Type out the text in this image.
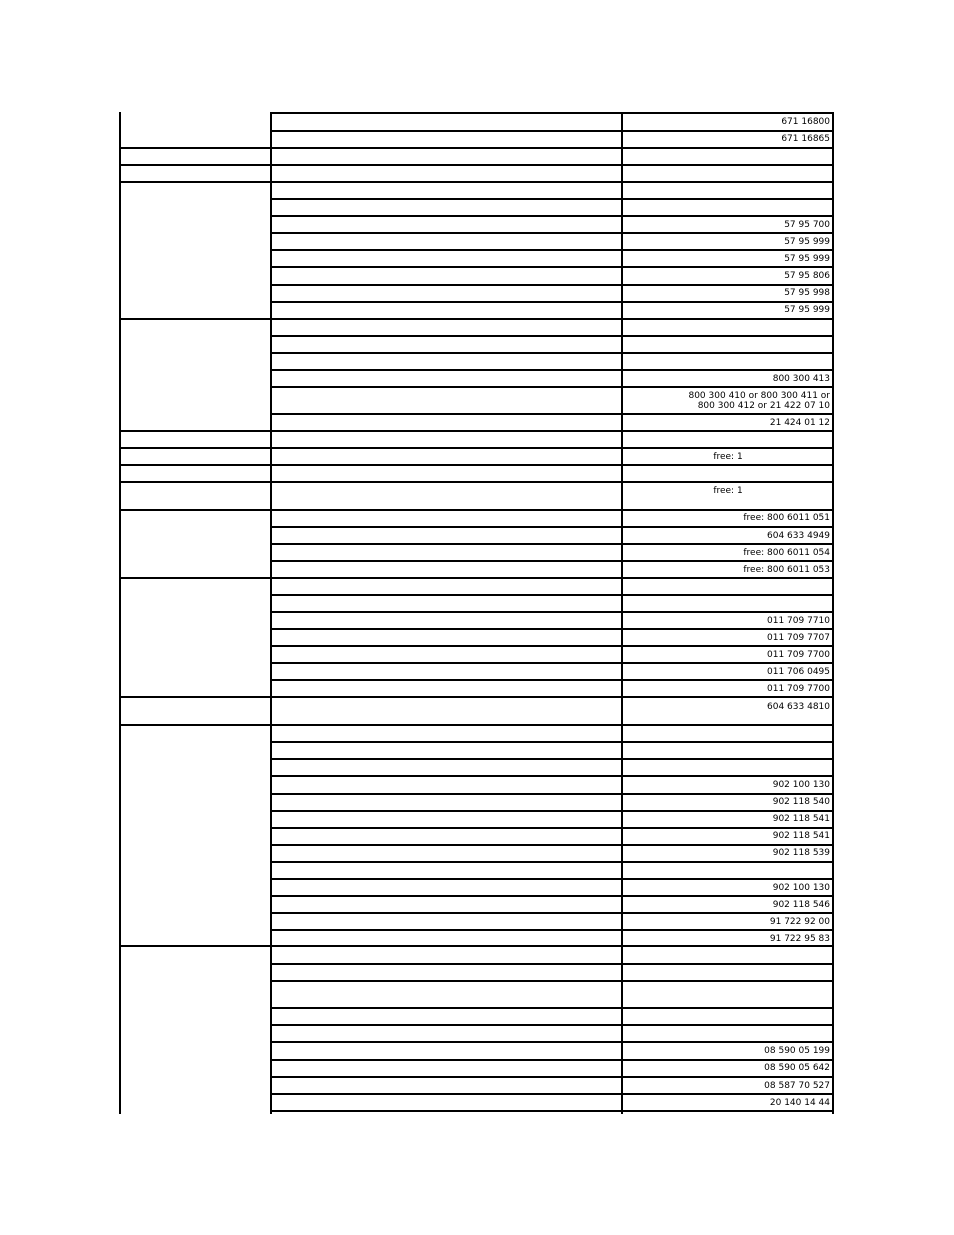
671 16800
671 16865
57 95 700
57 95 999
57 95 999
57 95 806
57 95 998
57 95 999
800 300 413
800 300 410 or 800 300 411 or
800 300 412 or 21 422 07 10
21 424 01 12
free: 1
free: 1
free: 800 6011 051
604 633 4949
free: 800 6011 054
free: 800 6011 053
011 709 7710
011 709 7707
011 709 7700
011 706 0495
011 709 7700
604 633 4810
902 100 130
902 118 540
902 118 541
902 118 541
902 118 539
902 100 130
902 118 546
91 722 92 00
91 722 95 83
08 590 05 199
08 590 05 642
08 587 70 527
20 140 14 44
